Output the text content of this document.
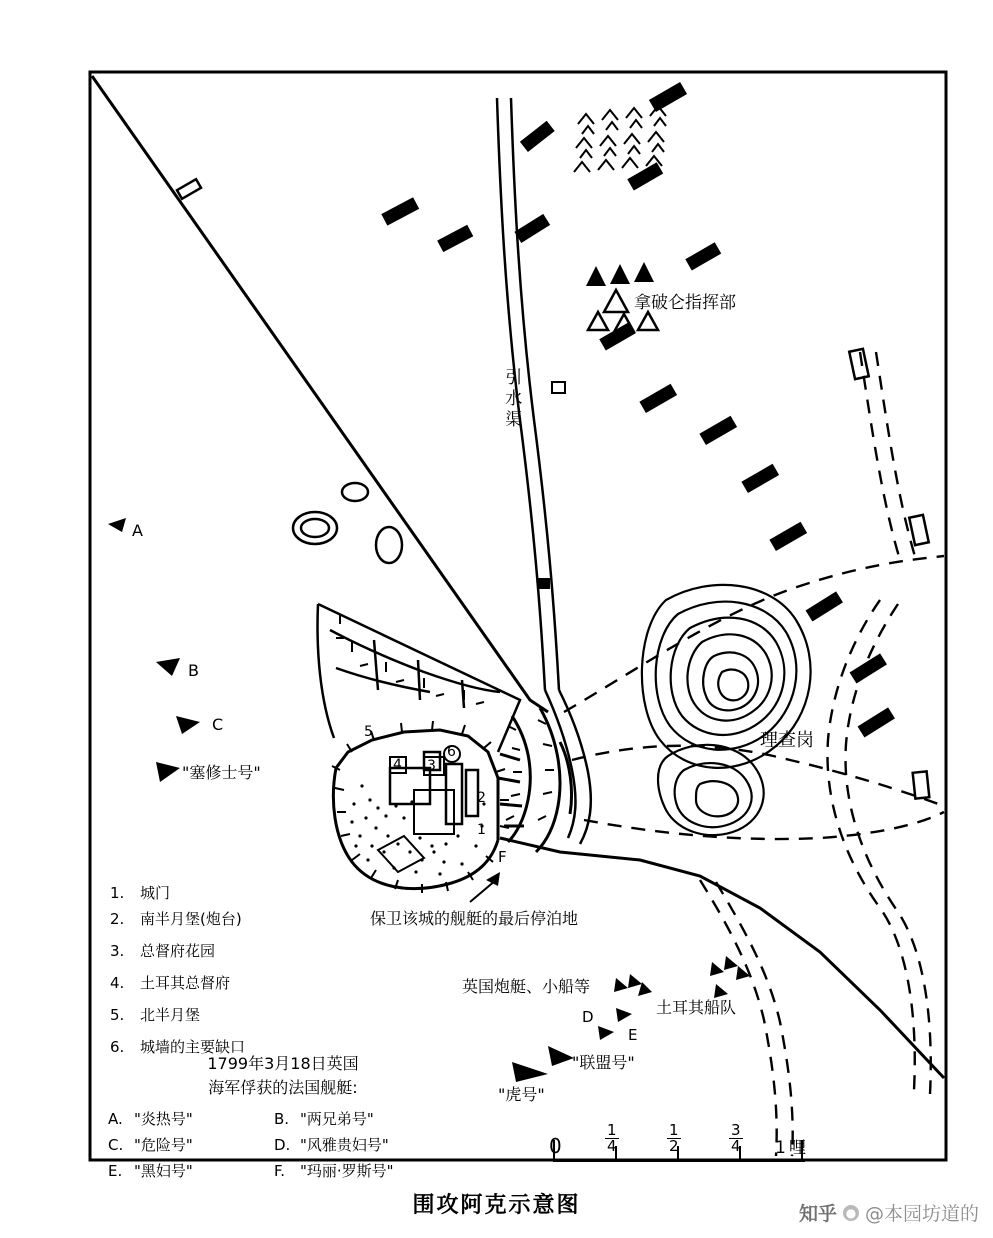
拿破仑指挥部
引水渠
理查岗
"塞修士号"
保卫该城的舰艇的最后停泊地
英国炮艇、小船等
土耳其船队
"虎号"
"联盟号"
A
B
C
D
E
F
1
2
3
4
5
6
1. 城门
2. 南半月堡(炮台)
3. 总督府花园
4. 土耳其总督府
5. 北半月堡
6. 城墙的主要缺口
1799年3月18日英国
海军俘获的法国舰艇:
A. "炎热号"	B. "两兄弟号"
C. "危险号"	D. "风雅贵妇号"
E. "黑妇号"	F. "玛丽·罗斯号"
0	$\frac{1}{4}$	$\frac{1}{2}$	$\frac{3}{4} 1$ 哩
围攻阿克示意图	知乎 ● @本园坊道的
